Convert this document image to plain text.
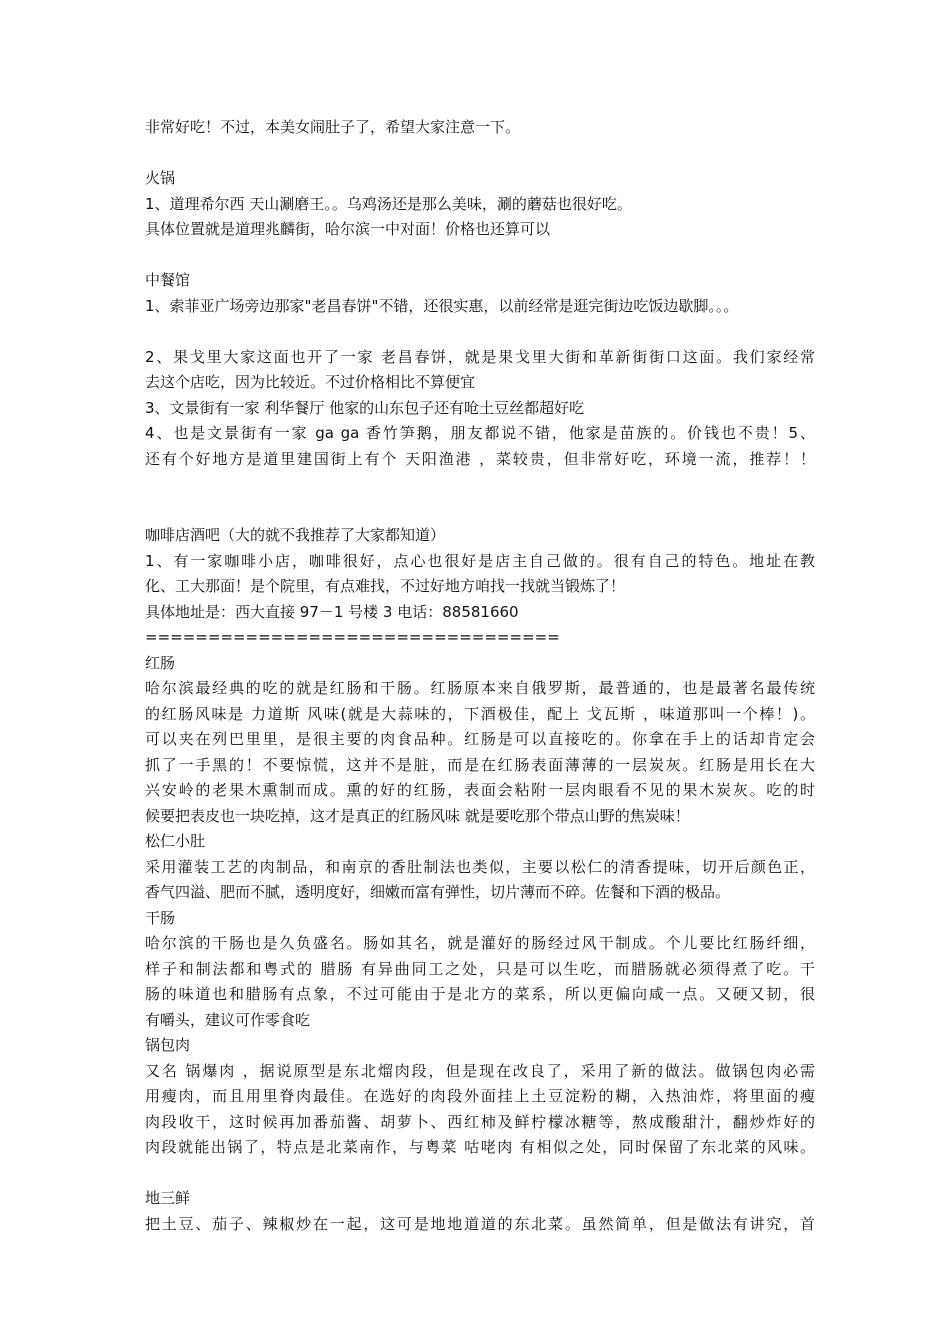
非常好吃！不过，本美女闹肚子了，希望大家注意一下。
火锅
1、道理希尔西 天山涮磨王。。乌鸡汤还是那么美味，涮的蘑菇也很好吃。
具体位置就是道理兆麟街，哈尔滨一中对面！价格也还算可以
中餐馆
1、索菲亚广场旁边那家"老昌春饼"不错，还很实惠，以前经常是逛完街边吃饭边歇脚。。。
2、果戈里大家这面也开了一家 老昌春饼，就是果戈里大街和革新街街口这面。我们家经常
去这个店吃，因为比较近。不过价格相比不算便宜
3、文景街有一家 利华餐厅 他家的山东包子还有呛土豆丝都超好吃
4、也是文景街有一家 ga ga 香竹笋鹅，朋友都说不错，他家是苗族的。价钱也不贵！5、
还有个好地方是道里建国街上有个 天阳渔港 ，菜较贵，但非常好吃，环境一流，推荐！！
咖啡店酒吧（大的就不我推荐了大家都知道）
1、有一家咖啡小店，咖啡很好，点心也很好是店主自己做的。很有自己的特色。地址在教
化、工大那面！是个院里，有点难找，不过好地方咱找一找就当锻炼了！
具体地址是：西大直接 97－1 号楼 3 电话：88581660
=================================
红肠
哈尔滨最经典的吃的就是红肠和干肠。红肠原本来自俄罗斯，最普通的，也是最著名最传统
的红肠风味是 力道斯 风味(就是大蒜味的，下酒极佳，配上 戈瓦斯 ，味道那叫一个棒！)。
可以夹在列巴里里，是很主要的肉食品种。红肠是可以直接吃的。你拿在手上的话却肯定会
抓了一手黑的！不要惊慌，这并不是脏，而是在红肠表面薄薄的一层炭灰。红肠是用长在大
兴安岭的老果木熏制而成。熏的好的红肠，表面会粘附一层肉眼看不见的果木炭灰。吃的时
候要把表皮也一块吃掉，这才是真正的红肠风味 就是要吃那个带点山野的焦炭味！
松仁小肚
采用灌装工艺的肉制品，和南京的香肚制法也类似，主要以松仁的清香提味，切开后颜色正，
香气四溢、肥而不腻，透明度好，细嫩而富有弹性，切片薄而不碎。佐餐和下酒的极品。
干肠
哈尔滨的干肠也是久负盛名。肠如其名，就是灌好的肠经过风干制成。个儿要比红肠纤细，
样子和制法都和粤式的 腊肠 有异曲同工之处，只是可以生吃，而腊肠就必须得煮了吃。干
肠的味道也和腊肠有点象，不过可能由于是北方的菜系，所以更偏向咸一点。又硬又韧，很
有嚼头，建议可作零食吃
锅包肉
又名 锅爆肉 ，据说原型是东北熘肉段，但是现在改良了，采用了新的做法。做锅包肉必需
用瘦肉，而且用里脊肉最佳。在选好的肉段外面挂上土豆淀粉的糊，入热油炸，将里面的瘦
肉段收干，这时候再加番茄酱、胡萝卜、西红柿及鲜柠檬冰糖等，熬成酸甜汁，翻炒炸好的
肉段就能出锅了，特点是北菜南作，与粤菜 咕咾肉 有相似之处，同时保留了东北菜的风味。
地三鲜
把土豆、茄子、辣椒炒在一起，这可是地地道道的东北菜。虽然简单，但是做法有讲究，首
